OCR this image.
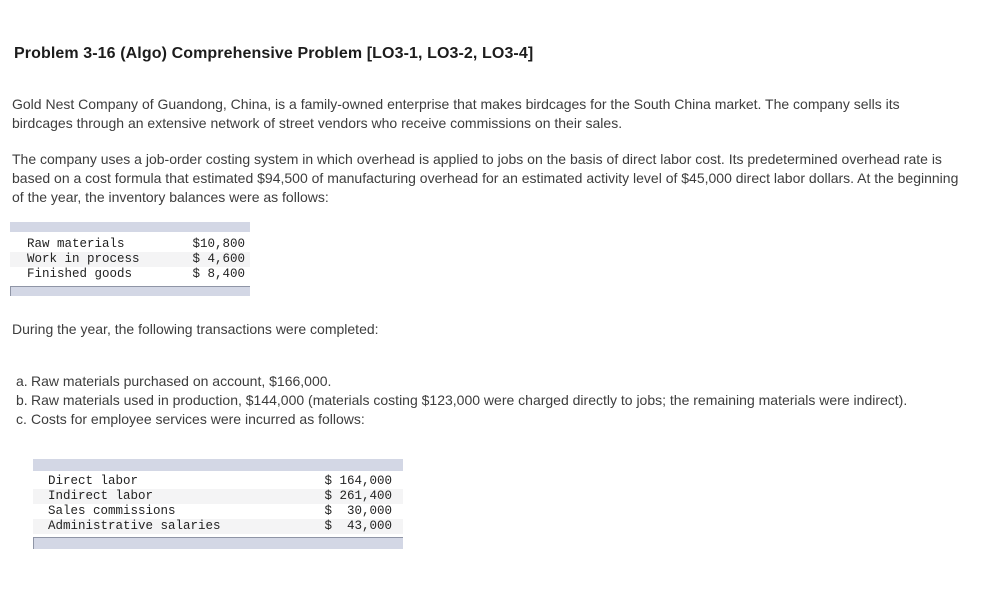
Problem 3-16 (Algo) Comprehensive Problem [LO3-1, LO3-2, LO3-4]

Gold Nest Company of Guandong, China, is a family-owned enterprise that makes birdcages for the South China market. The company sells its birdcages through an extensive network of street vendors who receive commissions on their sales.

The company uses a job-order costing system in which overhead is applied to jobs on the basis of direct labor cost. Its predetermined overhead rate is based on a cost formula that estimated $94,500 of manufacturing overhead for an estimated activity level of $45,000 direct labor dollars. At the beginning of the year, the inventory balances were as follows:

Raw materials	$10,800
Work in process	$ 4,600
Finished goods	$ 8,400

During the year, the following transactions were completed:

a. Raw materials purchased on account, $166,000.
b. Raw materials used in production, $144,000 (materials costing $123,000 were charged directly to jobs; the remaining materials were indirect).
c. Costs for employee services were incurred as follows:
Direct labor	$ 164,000
Indirect labor	$ 261,400
Sales commissions	$  30,000
Administrative salaries	$  43,000
